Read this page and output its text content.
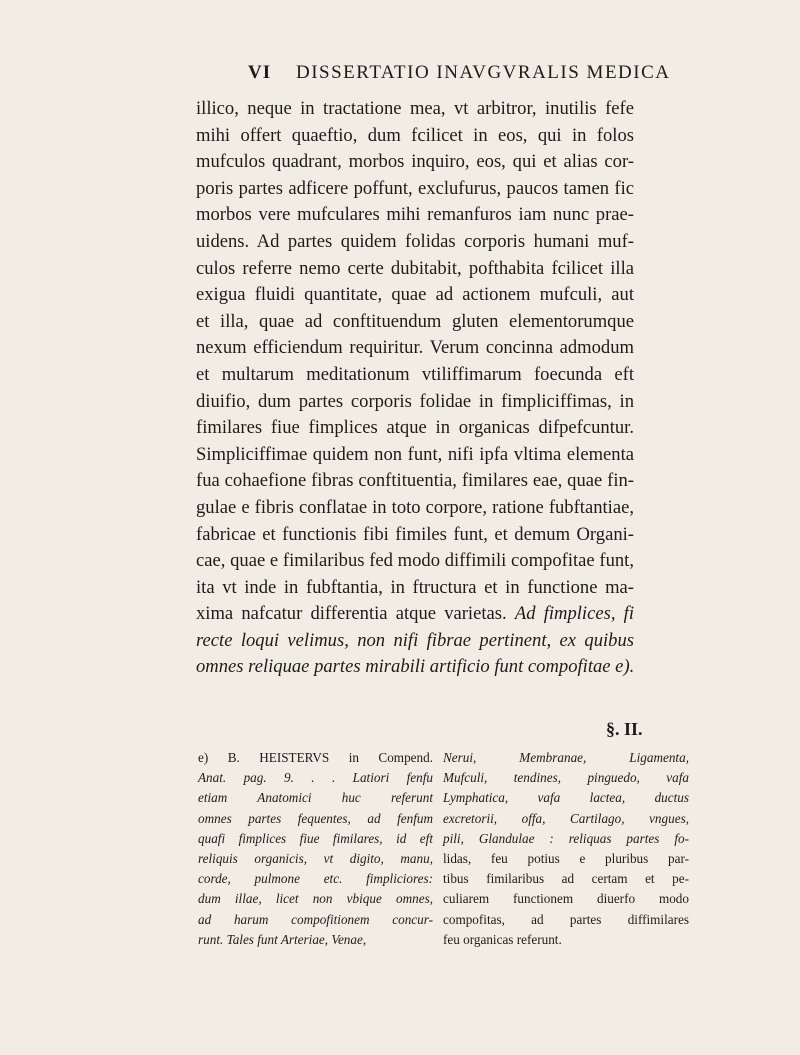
VI DISSERTATIO INAVGVRALIS MEDICA
illico, neque in tractatione mea, vt arbitror, inutilis fefe
mihi offert quaeftio, dum fcilicet in eos, qui in folos
mufculos quadrant, morbos inquiro, eos, qui et alias cor-
poris partes adficere poffunt, exclufurus, paucos tamen fic
morbos vere mufculares mihi remanfuros iam nunc prae-
uidens. Ad partes quidem folidas corporis humani muf-
culos referre nemo certe dubitabit, pofthabita fcilicet illa
exigua fluidi quantitate, quae ad actionem mufculi, aut
et illa, quae ad conftituendum gluten elementorumque
nexum efficiendum requiritur. Verum concinna admodum
et multarum meditationum vtiliffimarum foecunda eft
diuifio, dum partes corporis folidae in fimpliciffimas, in
fimilares fiue fimplices atque in organicas difpefcuntur.
Simpliciffimae quidem non funt, nifi ipfa vltima elementa
fua cohaefione fibras conftituentia, fimilares eae, quae fin-
gulae e fibris conflatae in toto corpore, ratione fubftantiae,
fabricae et functionis fibi fimiles funt, et demum Organi-
cae, quae e fimilaribus fed modo diffimili compofitae funt,
ita vt inde in fubftantia, in ftructura et in functione ma-
xima nafcatur differentia atque varietas. Ad fimplices, fi
recte loqui velimus, non nifi fibrae pertinent, ex quibus
omnes reliquae partes mirabili artificio funt compofitae e).
§. II.
e) B. HEISTERVS in Compend.
Anat. pag. 9. . . Latiori fenfu
etiam Anatomici huc referunt
omnes partes fequentes, ad fenfum
quafi fimplices fiue fimilares, id eft
reliquis organicis, vt digito, manu,
corde, pulmone etc. fimpliciores:
dum illae, licet non vbique omnes,
ad harum compofitionem concur-
runt. Tales funt Arteriae, Venae,
Nerui, Membranae, Ligamenta,
Mufculi, tendines, pinguedo, vafa
Lymphatica, vafa lactea, ductus
excretorii, offa, Cartilago, vngues,
pili, Glandulae : reliquas partes fo-
lidas, feu potius e pluribus par-
tibus fimilaribus ad certam et pe-
culiarem functionem diuerfo modo
compofitas, ad partes diffimilares
feu organicas referunt.
